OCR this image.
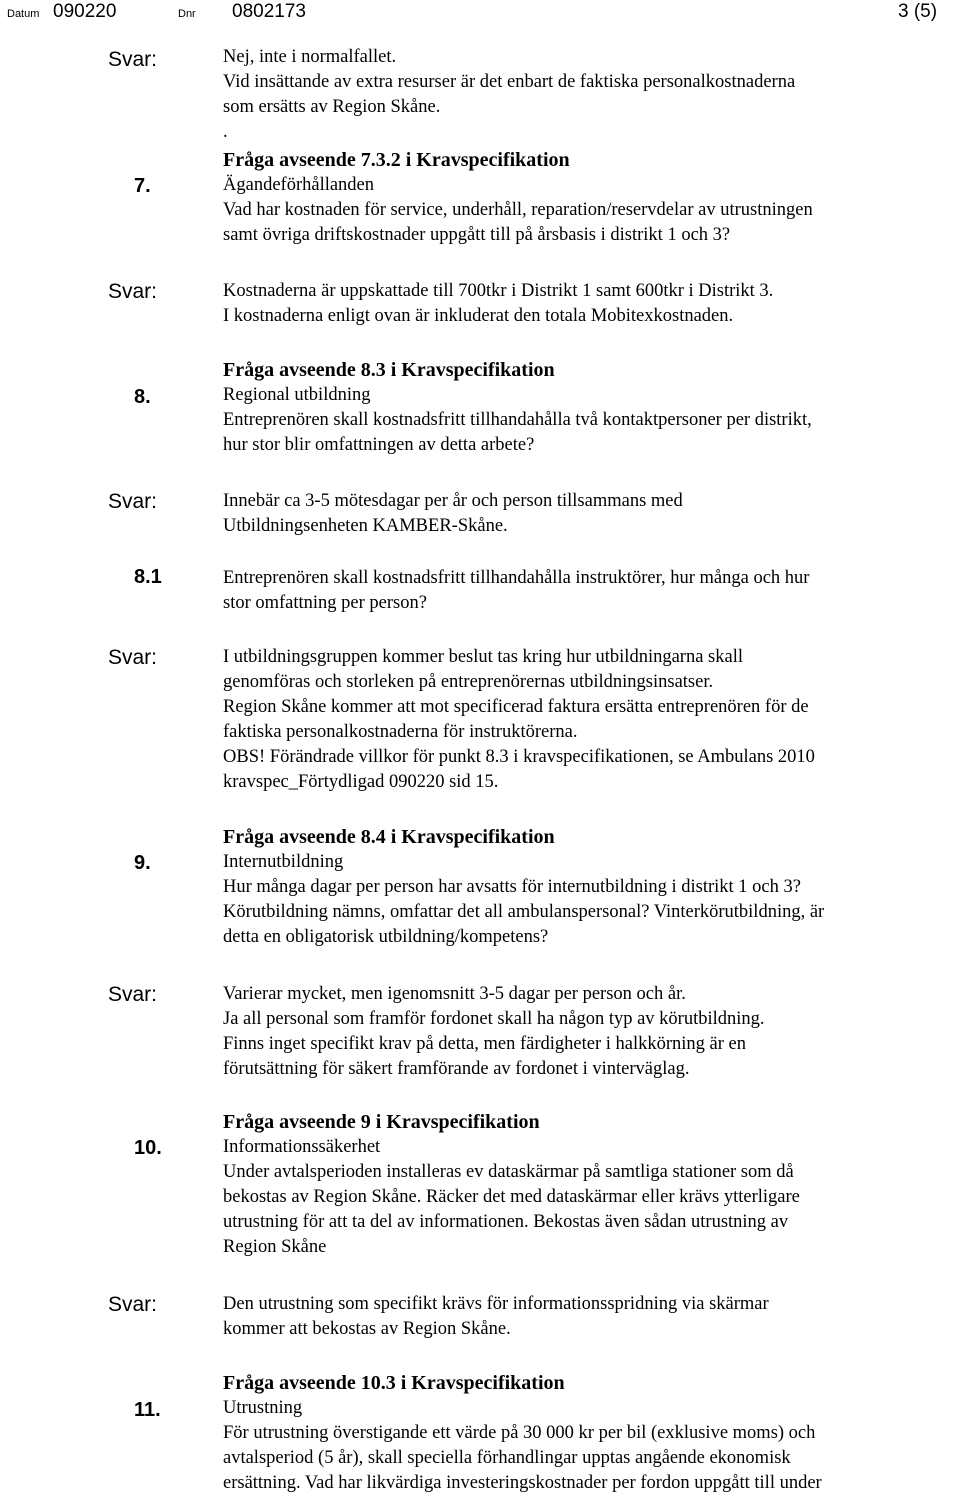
Datum 090220	Dnr 0802173	3 (5)
Svar:
7.
Svar:
8.
Svar:
8.1
Svar:
9.
Svar:
10.
Svar:
11.

Nej, inte i normalfallet.

Vid insättande av extra resurser är det enbart de faktiska personalkostnaderna

som ersätts av Region Skåne.

.

Fråga avseende 7.3.2 i Kravspecifikation

Ägandeförhållanden

Vad har kostnaden för service, underhåll, reparation/reservdelar av utrustningen

samt övriga driftskostnader uppgått till på årsbasis i distrikt 1 och 3?

Kostnaderna är uppskattade till 700tkr i Distrikt 1 samt 600tkr i Distrikt 3.

I kostnaderna enligt ovan är inkluderat den totala Mobitexkostnaden.

Fråga avseende 8.3 i Kravspecifikation

Regional utbildning

Entreprenören skall kostnadsfritt tillhandahålla två kontaktpersoner per distrikt,

hur stor blir omfattningen av detta arbete?

Innebär ca 3-5 mötesdagar per år och person tillsammans med

Utbildningsenheten KAMBER-Skåne.

Entreprenören skall kostnadsfritt tillhandahålla instruktörer, hur många och hur

stor omfattning per person?

I utbildningsgruppen kommer beslut tas kring hur utbildningarna skall

genomföras och storleken på entreprenörernas utbildningsinsatser.

Region Skåne kommer att mot specificerad faktura ersätta entreprenören för de

faktiska personalkostnaderna för instruktörerna.

OBS! Förändrade villkor för punkt 8.3 i kravspecifikationen, se Ambulans 2010

kravspec_Förtydligad 090220 sid 15.

Fråga avseende 8.4 i Kravspecifikation

Internutbildning

Hur många dagar per person har avsatts för internutbildning i distrikt 1 och 3?

Körutbildning nämns, omfattar det all ambulanspersonal? Vinterkörutbildning, är

detta en obligatorisk utbildning/kompetens?

Varierar mycket, men igenomsnitt 3-5 dagar per person och år.

Ja all personal som framför fordonet skall ha någon typ av körutbildning.

Finns inget specifikt krav på detta, men färdigheter i halkkörning är en

förutsättning för säkert framförande av fordonet i vinterväglag.

Fråga avseende 9 i Kravspecifikation

Informationssäkerhet

Under avtalsperioden installeras ev dataskärmar på samtliga stationer som då

bekostas av Region Skåne. Räcker det med dataskärmar eller krävs ytterligare

utrustning för att ta del av informationen. Bekostas även sådan utrustning av

Region Skåne

Den utrustning som specifikt krävs för informationsspridning via skärmar

kommer att bekostas av Region Skåne.

Fråga avseende 10.3 i Kravspecifikation

Utrustning

För utrustning överstigande ett värde på 30 000 kr per bil (exklusive moms) och

avtalsperiod (5 år), skall speciella förhandlingar upptas angående ekonomisk

ersättning. Vad har likvärdiga investeringskostnader per fordon uppgått till under
